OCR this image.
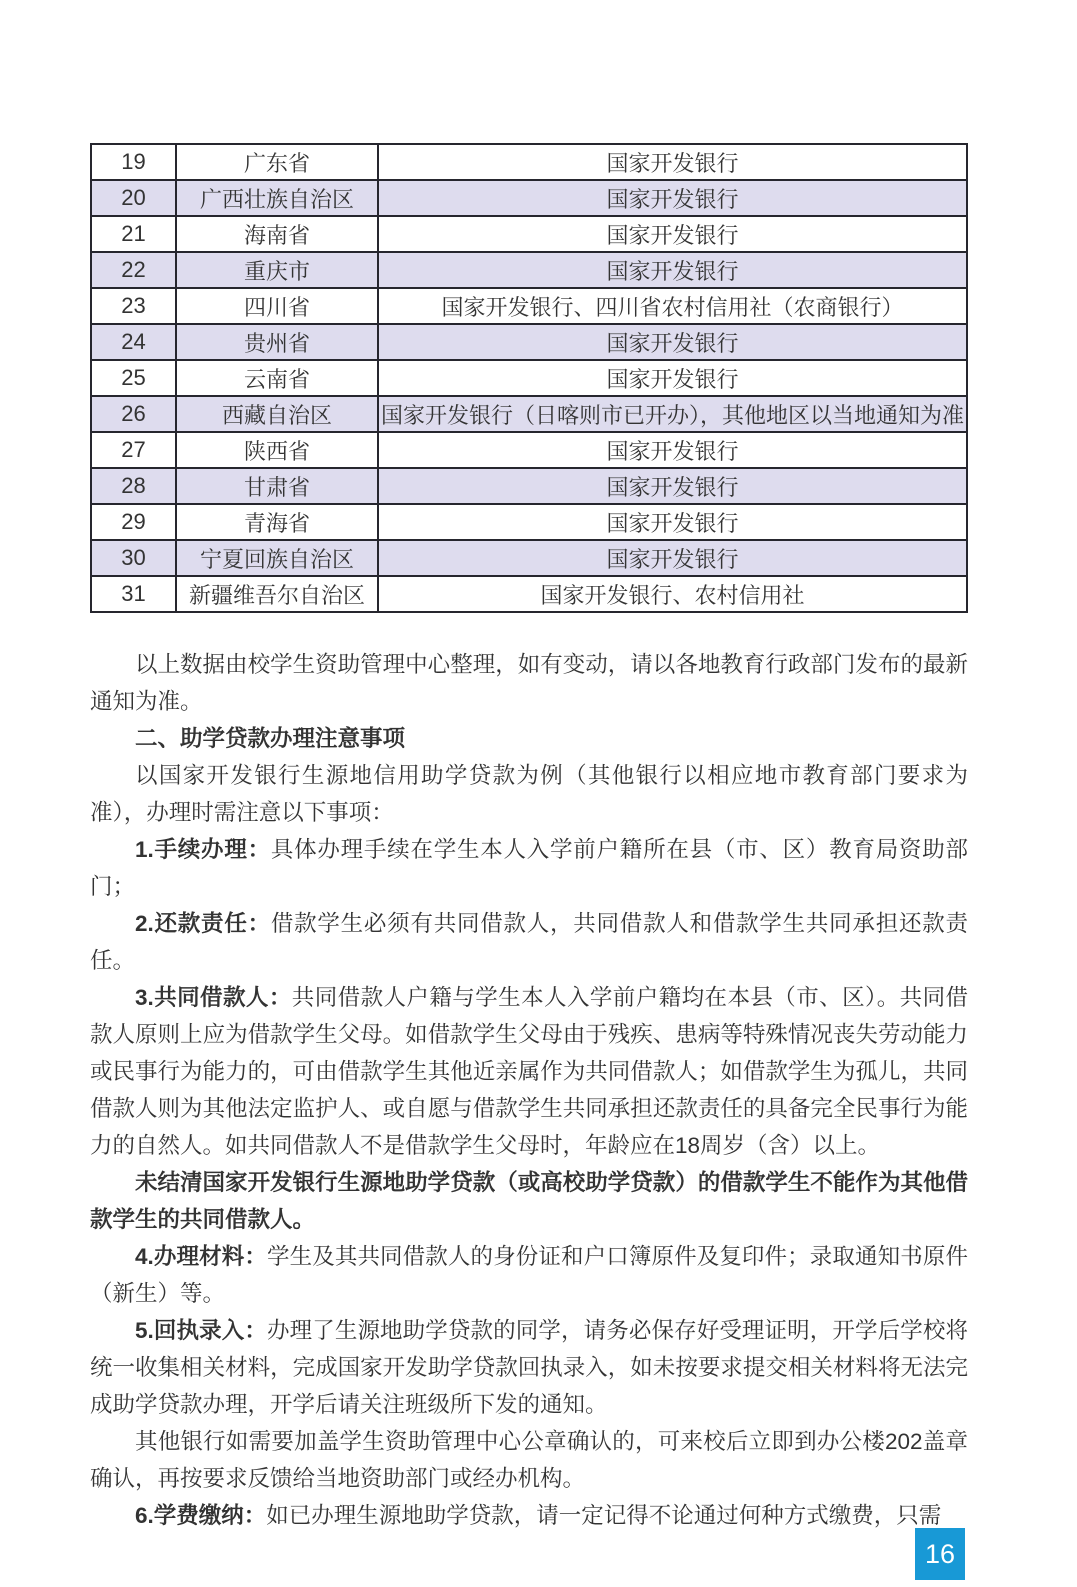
19	广东省	国家开发银行
20	广西壮族自治区	国家开发银行
21	海南省	国家开发银行
22	重庆市	国家开发银行
23	四川省	国家开发银行、四川省农村信用社（农商银行）
24	贵州省	国家开发银行
25	云南省	国家开发银行
26	西藏自治区	国家开发银行（日喀则市已开办），其他地区以当地通知为准
27	陕西省	国家开发银行
28	甘肃省	国家开发银行
29	青海省	国家开发银行
30	宁夏回族自治区	国家开发银行
31	新疆维吾尔自治区	国家开发银行、农村信用社

以上数据由校学生资助管理中心整理，如有变动，请以各地教育行政部门发布的最新通知为准。

二、助学贷款办理注意事项

以国家开发银行生源地信用助学贷款为例（其他银行以相应地市教育部门要求为准），办理时需注意以下事项：

1.手续办理：具体办理手续在学生本人入学前户籍所在县（市、区）教育局资助部门；

2.还款责任：借款学生必须有共同借款人，共同借款人和借款学生共同承担还款责任。

3.共同借款人：共同借款人户籍与学生本人入学前户籍均在本县（市、区）。共同借款人原则上应为借款学生父母。如借款学生父母由于残疾、患病等特殊情况丧失劳动能力或民事行为能力的，可由借款学生其他近亲属作为共同借款人；如借款学生为孤儿，共同借款人则为其他法定监护人、或自愿与借款学生共同承担还款责任的具备完全民事行为能力的自然人。如共同借款人不是借款学生父母时，年龄应在18周岁（含）以上。

未结清国家开发银行生源地助学贷款（或高校助学贷款）的借款学生不能作为其他借款学生的共同借款人。

4.办理材料：学生及其共同借款人的身份证和户口簿原件及复印件；录取通知书原件（新生）等。

5.回执录入：办理了生源地助学贷款的同学，请务必保存好受理证明，开学后学校将统一收集相关材料，完成国家开发助学贷款回执录入，如未按要求提交相关材料将无法完成助学贷款办理，开学后请关注班级所下发的通知。

其他银行如需要加盖学生资助管理中心公章确认的，可来校后立即到办公楼202盖章确认，再按要求反馈给当地资助部门或经办机构。

6.学费缴纳：如已办理生源地助学贷款，请一定记得不论通过何种方式缴费，只需

16
